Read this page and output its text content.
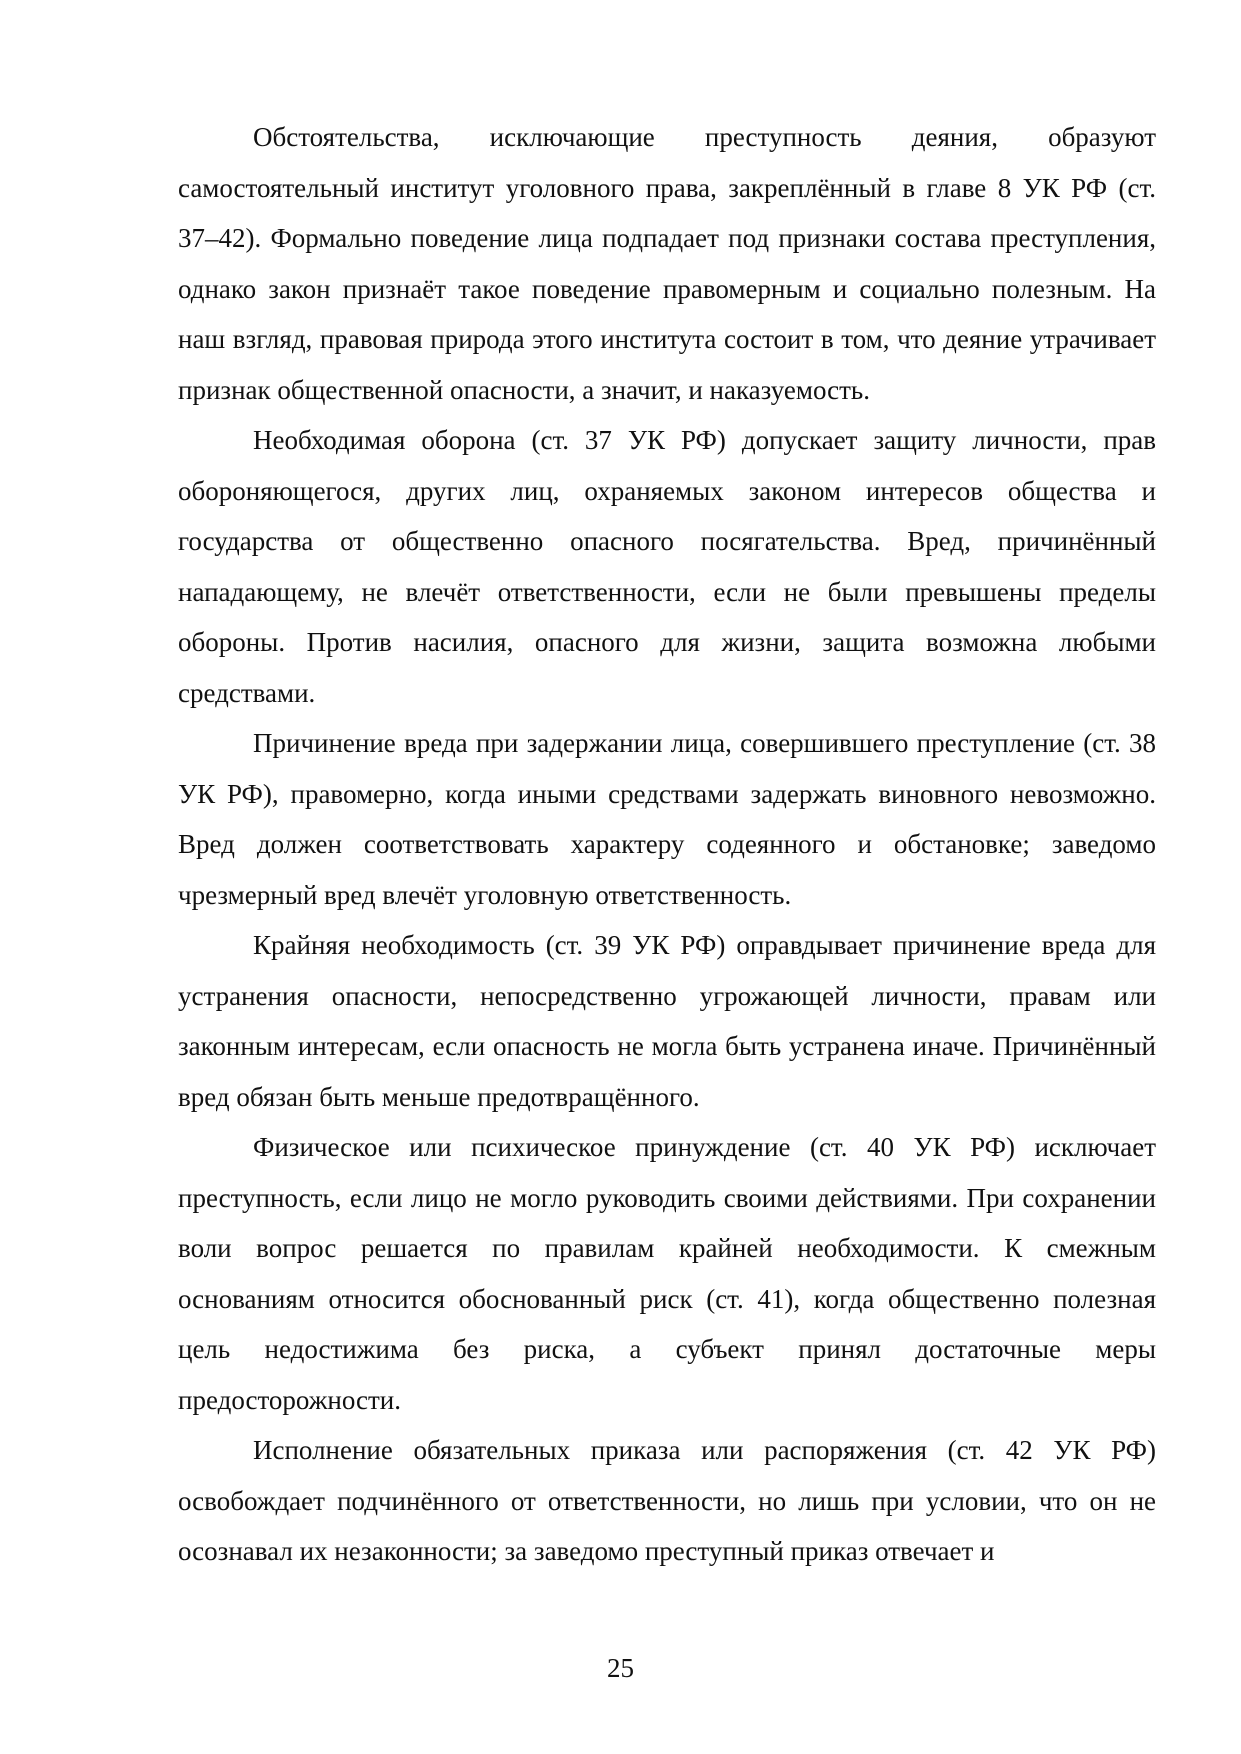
Обстоятельства, исключающие преступность деяния, образуют самостоятельный институт уголовного права, закреплённый в главе 8 УК РФ (ст. 37–42). Формально поведение лица подпадает под признаки состава преступления, однако закон признаёт такое поведение правомерным и социально полезным. На наш взгляд, правовая природа этого института состоит в том, что деяние утрачивает признак общественной опасности, а значит, и наказуемость.

Необходимая оборона (ст. 37 УК РФ) допускает защиту личности, прав обороняющегося, других лиц, охраняемых законом интересов общества и государства от общественно опасного посягательства. Вред, причинённый нападающему, не влечёт ответственности, если не были превышены пределы обороны. Против насилия, опасного для жизни, защита возможна любыми средствами.

Причинение вреда при задержании лица, совершившего преступление (ст. 38 УК РФ), правомерно, когда иными средствами задержать виновного невозможно. Вред должен соответствовать характеру содеянного и обстановке; заведомо чрезмерный вред влечёт уголовную ответственность.

Крайняя необходимость (ст. 39 УК РФ) оправдывает причинение вреда для устранения опасности, непосредственно угрожающей личности, правам или законным интересам, если опасность не могла быть устранена иначе. Причинённый вред обязан быть меньше предотвращённого.

Физическое или психическое принуждение (ст. 40 УК РФ) исключает преступность, если лицо не могло руководить своими действиями. При сохранении воли вопрос решается по правилам крайней необходимости. К смежным основаниям относится обоснованный риск (ст. 41), когда общественно полезная цель недостижима без риска, а субъект принял достаточные меры предосторожности.

Исполнение обязательных приказа или распоряжения (ст. 42 УК РФ) освобождает подчинённого от ответственности, но лишь при условии, что он не осознавал их незаконности; за заведомо преступный приказ отвечает и

25
